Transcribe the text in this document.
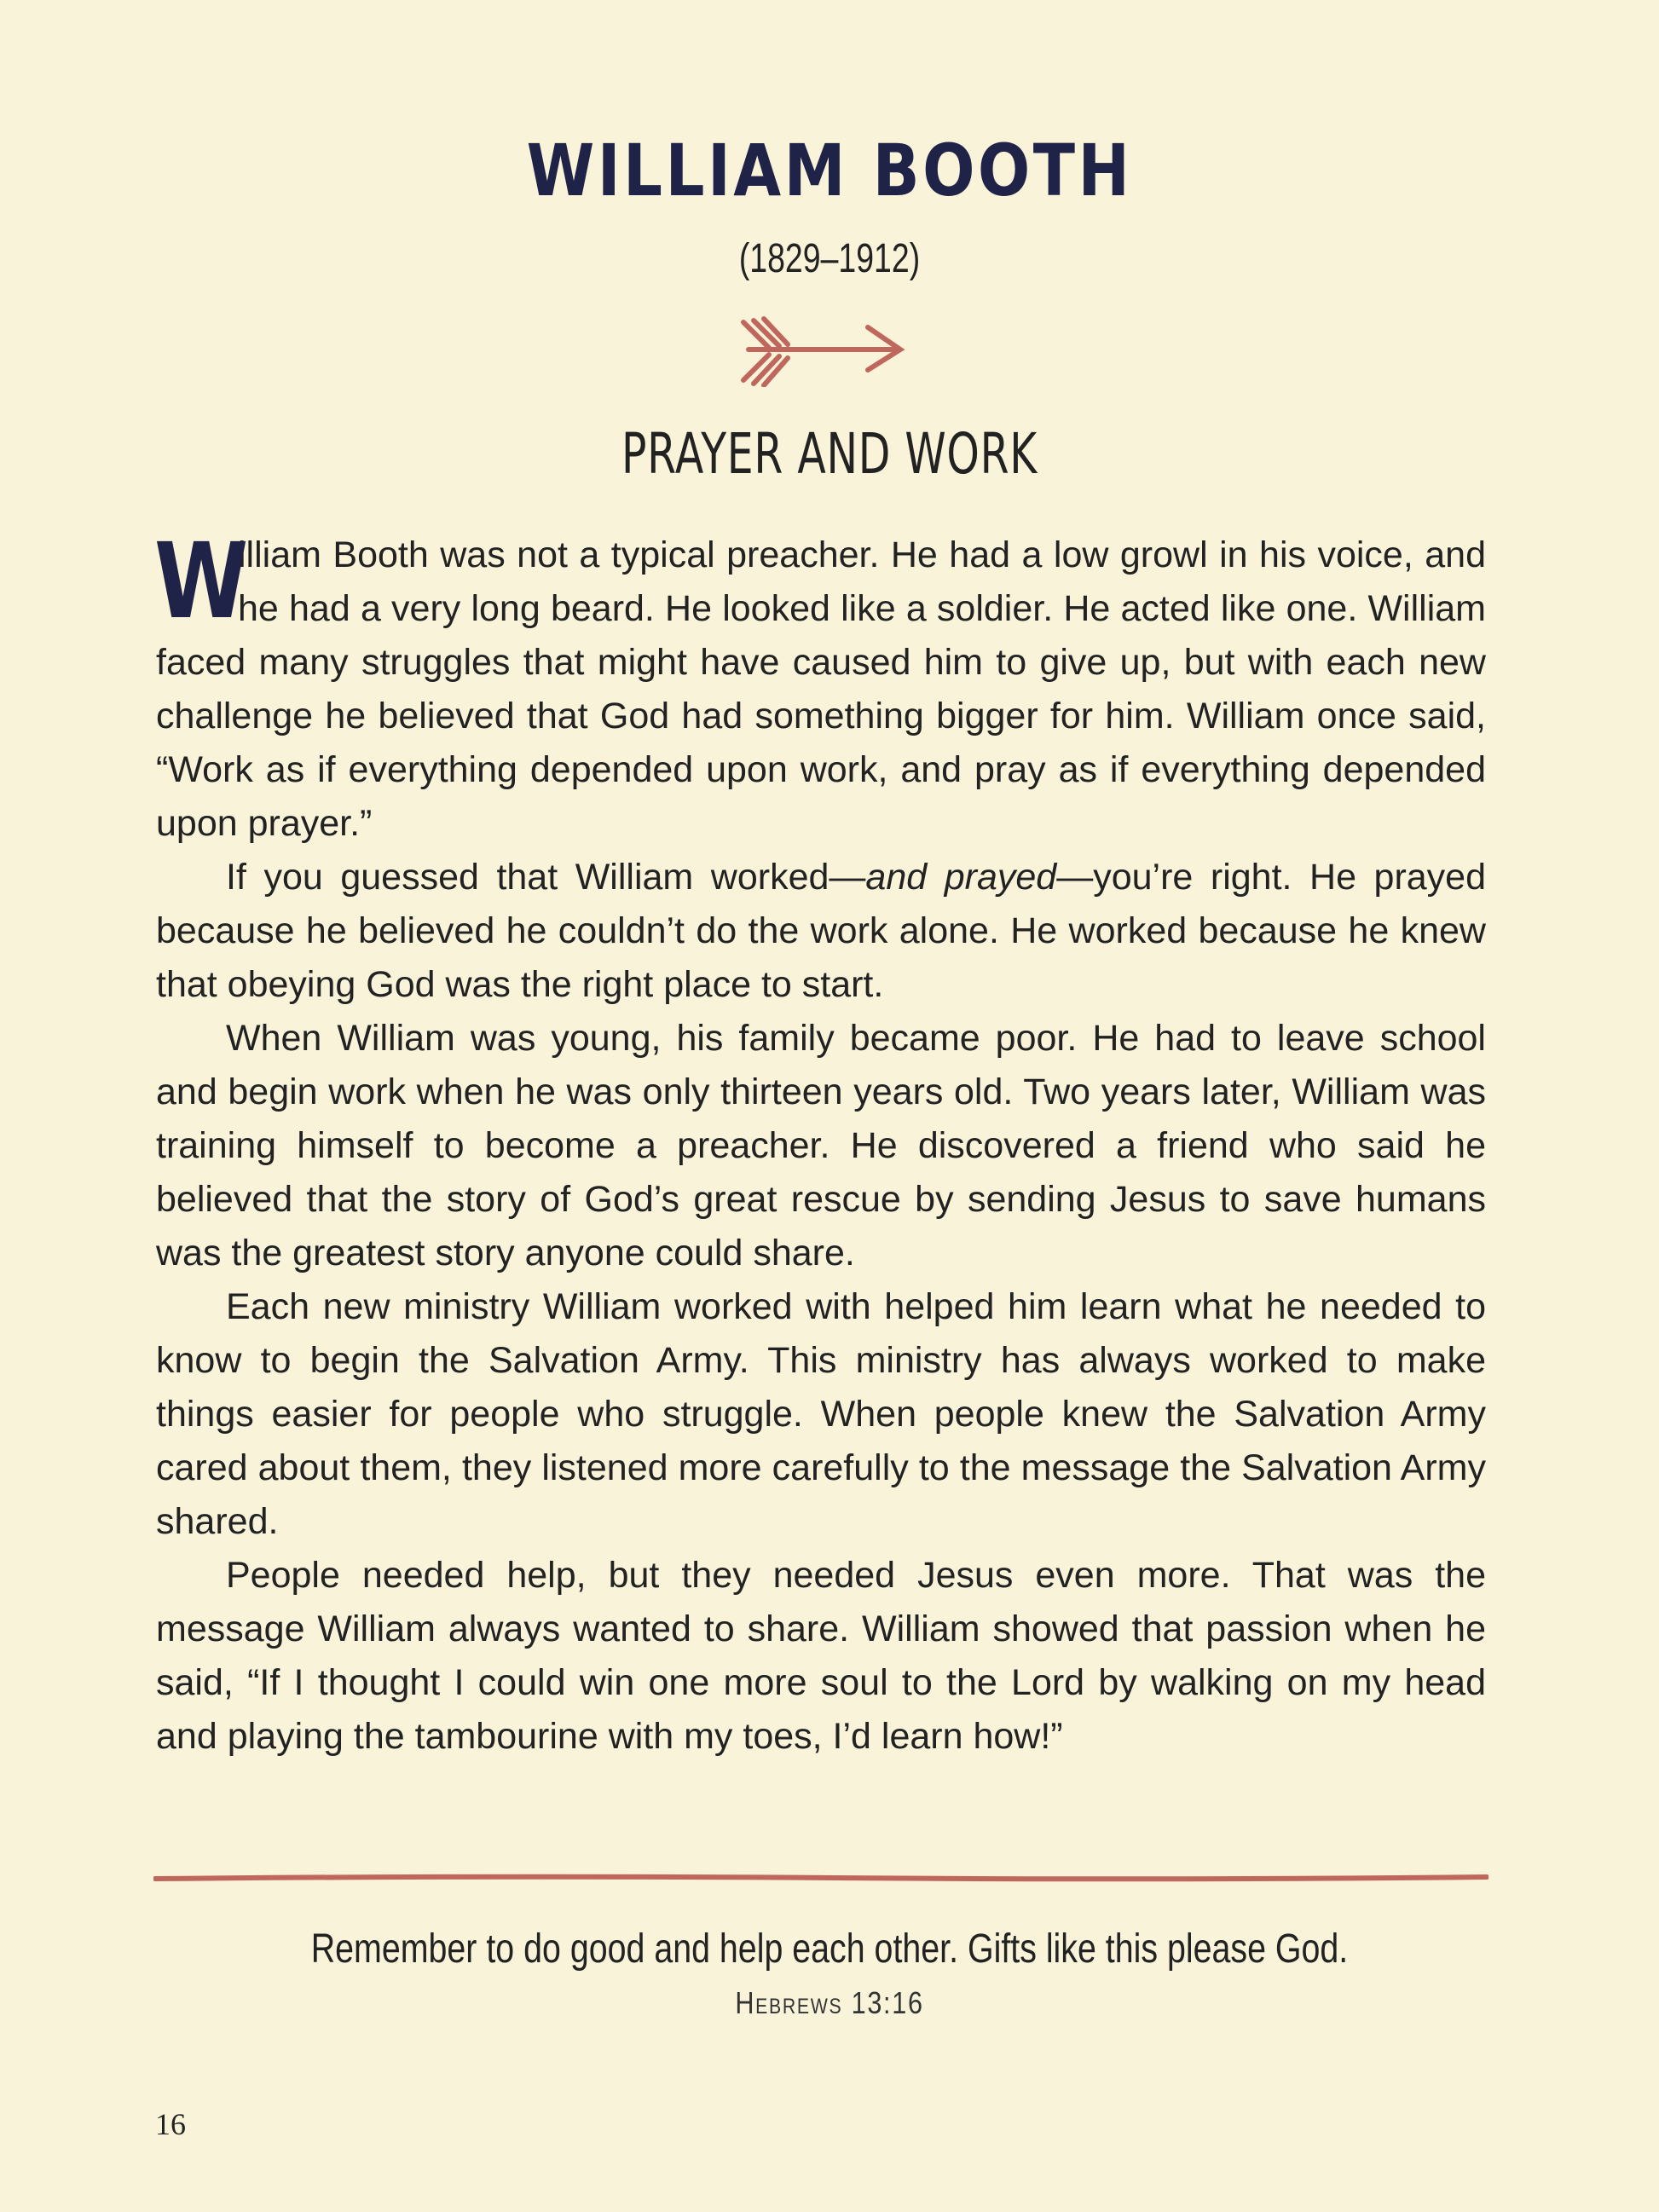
WILLIAM BOOTH
(1829–1912)
PRAYER AND WORK

W
illiam Booth was not a typical preacher. He had a low growl in his voice, and he had a very long beard. He looked like a soldier. He acted like one. William faced many struggles that might have caused him to give up, but with each new challenge he believed that God had something bigger for him. William once said, “Work as if everything depended upon work, and pray as if everything depended upon prayer.”

If you guessed that William worked—and prayed—you’re right. He prayed because he believed he couldn’t do the work alone. He worked because he knew that obeying God was the right place to start.

When William was young, his family became poor. He had to leave school and begin work when he was only thirteen years old. Two years later, William was training himself to become a preacher. He discovered a friend who said he believed that the story of God’s great rescue by sending Jesus to save humans was the greatest story anyone could share.

Each new ministry William worked with helped him learn what he needed to know to begin the Salvation Army. This ministry has always worked to make things easier for people who struggle. When people knew the Salvation Army cared about them, they listened more carefully to the message the Salvation Army shared.

People needed help, but they needed Jesus even more. That was the message William always wanted to share. William showed that passion when he said, “If I thought I could win one more soul to the Lord by walking on my head and playing the tambourine with my toes, I’d learn how!”

Remember to do good and help each other. Gifts like this please God.
Hebrews 13:16
16
